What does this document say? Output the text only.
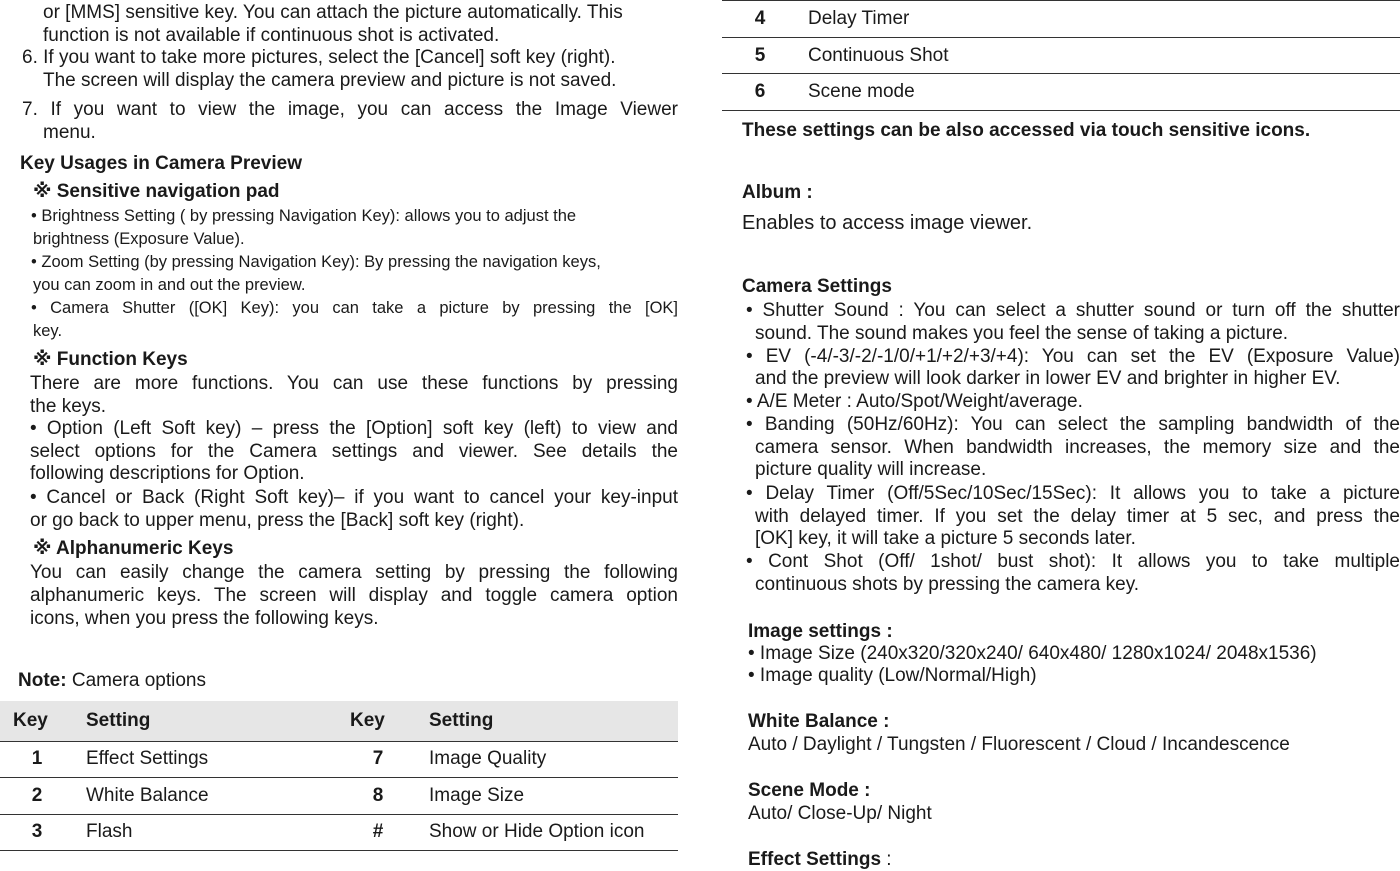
or [MMS] sensitive key. You can attach the picture automatically. This
function is not available if continuous shot is activated.
6. If you want to take more pictures, select the [Cancel] soft key (right).
The screen will display the camera preview and picture is not saved.
7. If you want to view the image, you can access the Image Viewer
menu.
Key Usages in Camera Preview
※ Sensitive navigation pad
• Brightness Setting ( by pressing Navigation Key): allows you to adjust the
brightness (Exposure Value).
• Zoom Setting (by pressing Navigation Key): By pressing the navigation keys,
you can zoom in and out the preview.
• Camera Shutter ([OK] Key): you can take a picture by pressing the [OK]
key.
※ Function Keys
There are more functions. You can use these functions by pressing
the keys.
• Option (Left Soft key) – press the [Option] soft key (left) to view and
select options for the Camera settings and viewer. See details the
following descriptions for Option.
• Cancel or Back (Right Soft key)– if you want to cancel your key-input
or go back to upper menu, press the [Back] soft key (right).
※ Alphanumeric Keys
You can easily change the camera setting by pressing the following
alphanumeric keys. The screen will display and toggle camera option
icons, when you press the following keys.
Note: Camera options
Key Setting	Key Setting
1 Effect Settings	7 Image Quality
2 White Balance	8 Image Size
3 Flash	# Show or Hide Option icon
4 Delay Timer
5 Continuous Shot
6 Scene mode
These settings can be also accessed via touch sensitive icons.
Album :
Enables to access image viewer.
Camera Settings
• Shutter Sound : You can select a shutter sound or turn off the shutter
sound. The sound makes you feel the sense of taking a picture.
• EV (-4/-3/-2/-1/0/+1/+2/+3/+4): You can set the EV (Exposure Value)
and the preview will look darker in lower EV and brighter in higher EV.
• A/E Meter : Auto/Spot/Weight/average.
• Banding (50Hz/60Hz): You can select the sampling bandwidth of the
camera sensor. When bandwidth increases, the memory size and the
picture quality will increase.
• Delay Timer (Off/5Sec/10Sec/15Sec): It allows you to take a picture
with delayed timer. If you set the delay timer at 5 sec, and press the
[OK] key, it will take a picture 5 seconds later.
• Cont Shot (Off/ 1shot/ bust shot): It allows you to take multiple
continuous shots by pressing the camera key.
Image settings :
• Image Size (240x320/320x240/ 640x480/ 1280x1024/ 2048x1536)
• Image quality (Low/Normal/High)
White Balance :
Auto / Daylight / Tungsten / Fluorescent / Cloud / Incandescence
Scene Mode :
Auto/ Close-Up/ Night
Effect Settings :
